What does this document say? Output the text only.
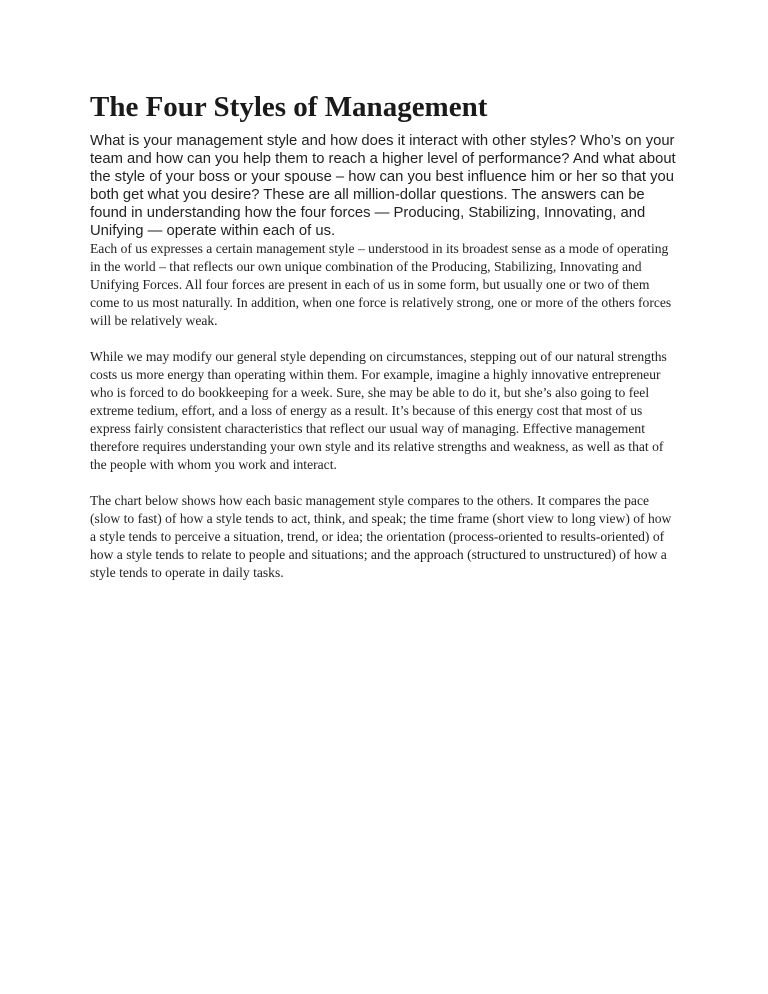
The Four Styles of Management

What is your management style and how does it interact with other styles? Who’s on your team and how can you help them to reach a higher level of performance? And what about the style of your boss or your spouse – how can you best influence him or her so that you both get what you desire? These are all million-dollar questions. The answers can be found in understanding how the four forces — Producing, Stabilizing, Innovating, and Unifying — operate within each of us.

Each of us expresses a certain management style – understood in its broadest sense as a mode of operating in the world – that reflects our own unique combination of the Producing, Stabilizing, Innovating and Unifying Forces. All four forces are present in each of us in some form, but usually one or two of them come to us most naturally. In addition, when one force is relatively strong, one or more of the others forces will be relatively weak.

While we may modify our general style depending on circumstances, stepping out of our natural strengths costs us more energy than operating within them. For example, imagine a highly innovative entrepreneur who is forced to do bookkeeping for a week. Sure, she may be able to do it, but she’s also going to feel extreme tedium, effort, and a loss of energy as a result. It’s because of this energy cost that most of us express fairly consistent characteristics that reflect our usual way of managing. Effective management therefore requires understanding your own style and its relative strengths and weakness, as well as that of the people with whom you work and interact.

The chart below shows how each basic management style compares to the others. It compares the pace (slow to fast) of how a style tends to act, think, and speak; the time frame (short view to long view) of how a style tends to perceive a situation, trend, or idea; the orientation (process-oriented to results-oriented) of how a style tends to relate to people and situations; and the approach (structured to unstructured) of how a style tends to operate in daily tasks.
